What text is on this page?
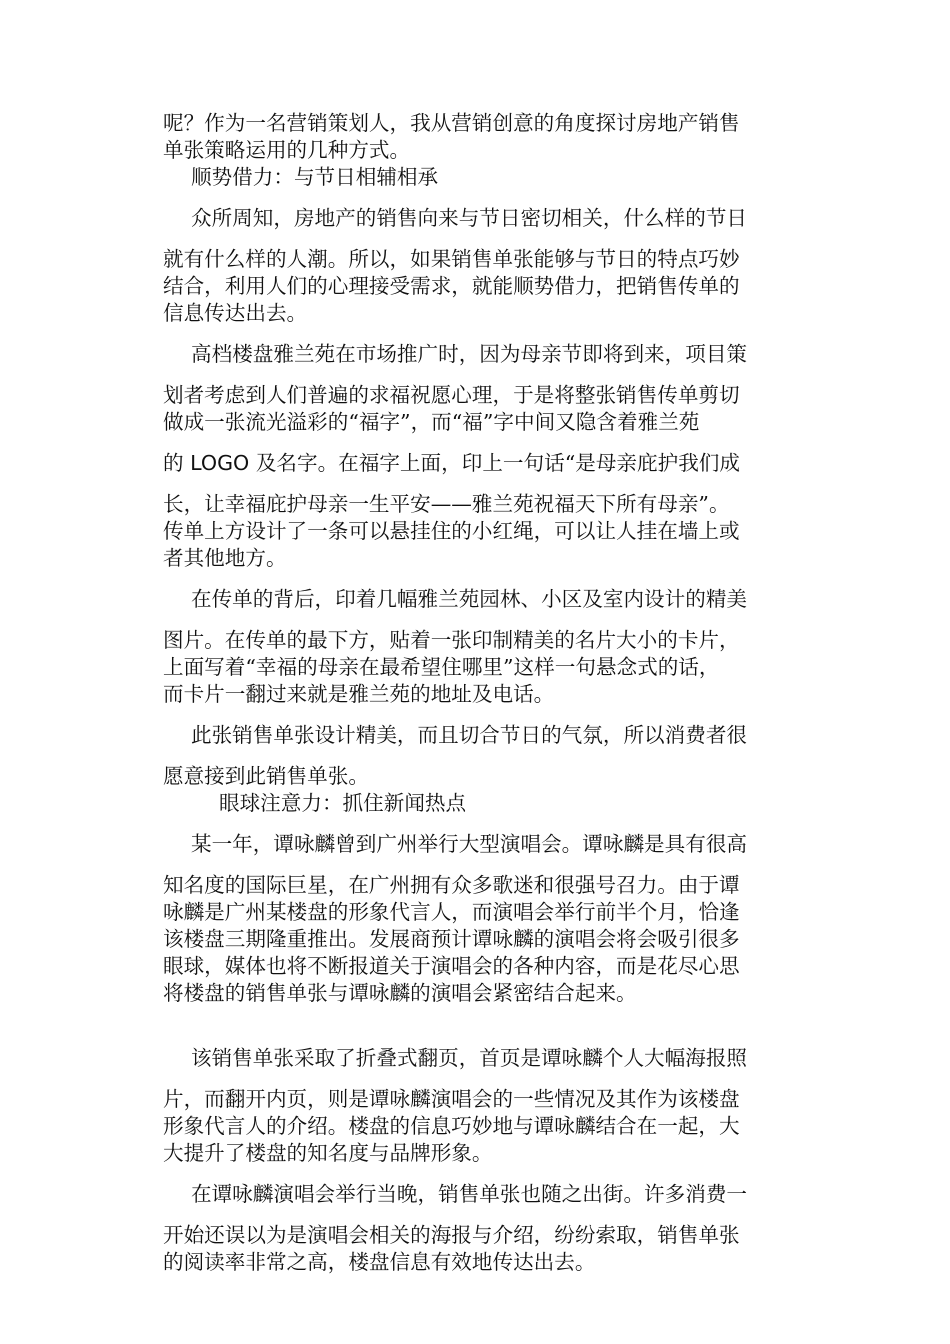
呢？作为一名营销策划人，我从营销创意的角度探讨房地产销售
单张策略运用的几种方式。
顺势借力：与节日相辅相承
众所周知，房地产的销售向来与节日密切相关，什么样的节日
就有什么样的人潮。所以，如果销售单张能够与节日的特点巧妙
结合，利用人们的心理接受需求，就能顺势借力，把销售传单的
信息传达出去。
高档楼盘雅兰苑在市场推广时，因为母亲节即将到来，项目策
划者考虑到人们普遍的求福祝愿心理，于是将整张销售传单剪切
做成一张流光溢彩的“福字”，而“福”字中间又隐含着雅兰苑
的 LOGO 及名字。在福字上面，印上一句话“是母亲庇护我们成
长，让幸福庇护母亲一生平安——雅兰苑祝福天下所有母亲”。
传单上方设计了一条可以悬挂住的小红绳，可以让人挂在墙上或
者其他地方。
在传单的背后，印着几幅雅兰苑园林、小区及室内设计的精美
图片。在传单的最下方，贴着一张印制精美的名片大小的卡片，
上面写着“幸福的母亲在最希望住哪里”这样一句悬念式的话，
而卡片一翻过来就是雅兰苑的地址及电话。
此张销售单张设计精美，而且切合节日的气氛，所以消费者很
愿意接到此销售单张。
眼球注意力：抓住新闻热点
某一年，谭咏麟曾到广州举行大型演唱会。谭咏麟是具有很高
知名度的国际巨星，在广州拥有众多歌迷和很强号召力。由于谭
咏麟是广州某楼盘的形象代言人，而演唱会举行前半个月，恰逢
该楼盘三期隆重推出。发展商预计谭咏麟的演唱会将会吸引很多
眼球，媒体也将不断报道关于演唱会的各种内容，而是花尽心思
将楼盘的销售单张与谭咏麟的演唱会紧密结合起来。
该销售单张采取了折叠式翻页，首页是谭咏麟个人大幅海报照
片，而翻开内页，则是谭咏麟演唱会的一些情况及其作为该楼盘
形象代言人的介绍。楼盘的信息巧妙地与谭咏麟结合在一起，大
大提升了楼盘的知名度与品牌形象。
在谭咏麟演唱会举行当晚，销售单张也随之出街。许多消费一
开始还误以为是演唱会相关的海报与介绍，纷纷索取，销售单张
的阅读率非常之高，楼盘信息有效地传达出去。
